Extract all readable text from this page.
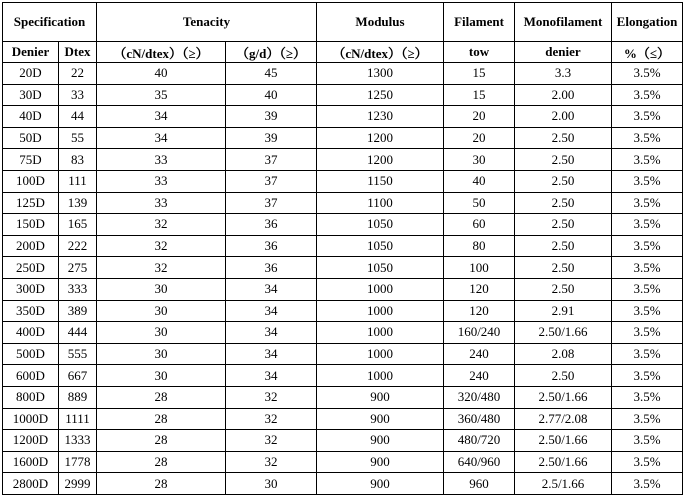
Specification		Tenacity		Modulus	Filament	Monofilament	Elongation
Denier	Dtex	（cN/dtex）（≥）	（g/d）（≥）	（cN/dtex）（≥）	tow	denier	%（≤）
20D	22	40	45	1300	15	3.3	3.5%
30D	33	35	40	1250	15	2.00	3.5%
40D	44	34	39	1230	20	2.00	3.5%
50D	55	34	39	1200	20	2.50	3.5%
75D	83	33	37	1200	30	2.50	3.5%
100D	111	33	37	1150	40	2.50	3.5%
125D	139	33	37	1100	50	2.50	3.5%
150D	165	32	36	1050	60	2.50	3.5%
200D	222	32	36	1050	80	2.50	3.5%
250D	275	32	36	1050	100	2.50	3.5%
300D	333	30	34	1000	120	2.50	3.5%
350D	389	30	34	1000	120	2.91	3.5%
400D	444	30	34	1000	160/240	2.50/1.66	3.5%
500D	555	30	34	1000	240	2.08	3.5%
600D	667	30	34	1000	240	2.50	3.5%
800D	889	28	32	900	320/480	2.50/1.66	3.5%
1000D	1111	28	32	900	360/480	2.77/2.08	3.5%
1200D	1333	28	32	900	480/720	2.50/1.66	3.5%
1600D	1778	28	32	900	640/960	2.50/1.66	3.5%
2800D	2999	28	30	900	960	2.5/1.66	3.5%
